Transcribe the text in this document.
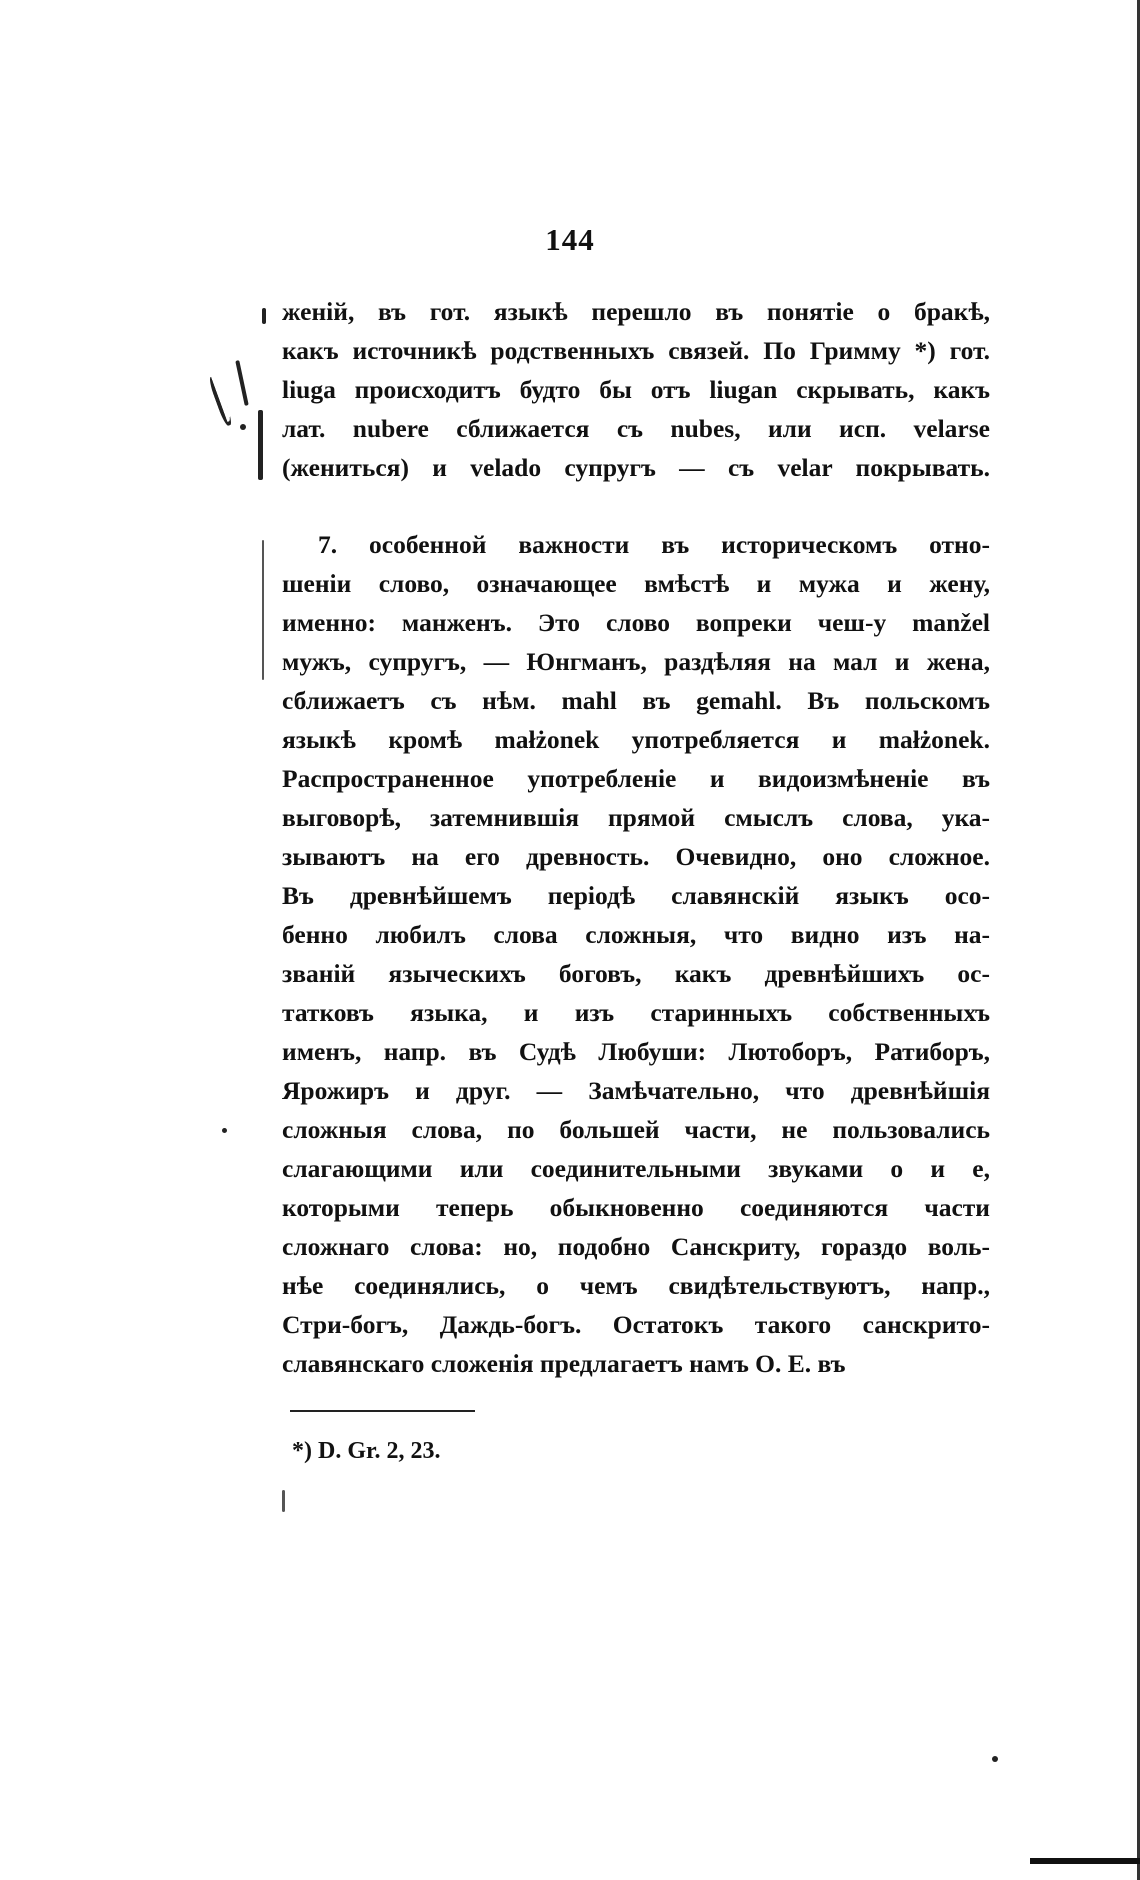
144
женій, въ гот. языкѣ перешло въ понятіе о бракѣ,
какъ источникѣ родственныхъ связей. По Гримму *) гот.
liuga происходитъ будто бы отъ liugan скрывать, какъ
лат. nubere сближается съ nubes, или исп. velarse
(жениться) и velado супругъ — съ velar покрывать.
7. особенной важности въ историческомъ отно-
шеніи слово, означающее вмѣстѣ и мужа и жену,
именно: манженъ. Это слово вопреки чеш-у manžel
мужъ, супругъ, — Юнгманъ, раздѣляя на мал и жена,
сближаетъ съ нѣм. mahl въ gemahl. Въ польскомъ
языкѣ кромѣ małżonek употребляется и małżonek.
Распространенное употребленіе и видоизмѣненіе въ
выговорѣ, затемнившія прямой смыслъ слова, ука-
зываютъ на его древность. Очевидно, оно сложное.
Въ древнѣйшемъ періодѣ славянскій языкъ осо-
бенно любилъ слова сложныя, что видно изъ на-
званій языческихъ боговъ, какъ древнѣйшихъ ос-
татковъ языка, и изъ старинныхъ собственныхъ
именъ, напр. въ Судѣ Любуши: Лютоборъ, Ратиборъ,
Ярожиръ и друг. — Замѣчательно, что древнѣйшія
сложныя слова, по большей части, не пользовались
слагающими или соединительными звуками о и е,
которыми теперь обыкновенно соединяются части
сложнаго слова: но, подобно Санскриту, гораздо воль-
нѣе соединялись, о чемъ свидѣтельствуютъ, напр.,
Стри-богъ, Даждь-богъ. Остатокъ такого санскрито-
славянскаго сложенія предлагаетъ намъ О. Е. въ
*) D. Gr. 2, 23.
